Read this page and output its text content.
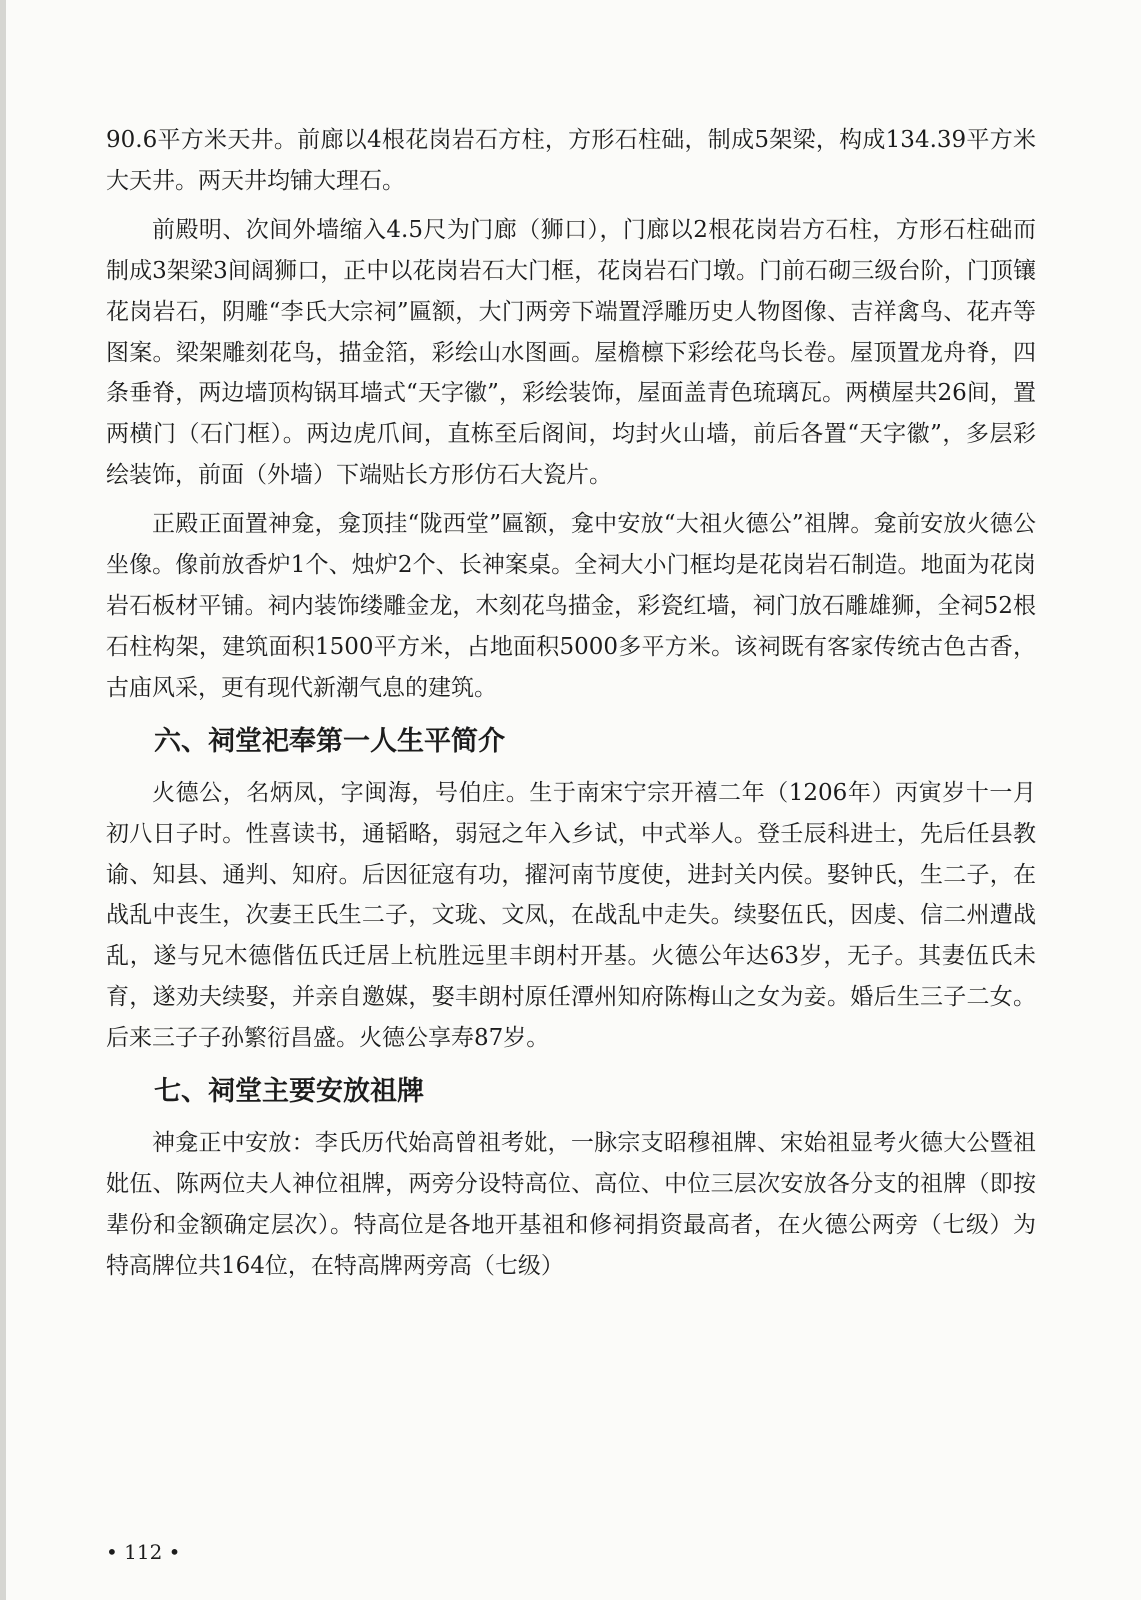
90.6平方米天井。前廊以4根花岗岩石方柱，方形石柱础，制成5架梁，构成134.39平方米大天井。两天井均铺大理石。

前殿明、次间外墙缩入4.5尺为门廊（狮口），门廊以2根花岗岩方石柱，方形石柱础而制成3架梁3间阔狮口，正中以花岗岩石大门框，花岗岩石门墩。门前石砌三级台阶，门顶镶花岗岩石，阴雕“李氏大宗祠”匾额，大门两旁下端置浮雕历史人物图像、吉祥禽鸟、花卉等图案。梁架雕刻花鸟，描金箔，彩绘山水图画。屋檐檩下彩绘花鸟长卷。屋顶置龙舟脊，四条垂脊，两边墙顶构锅耳墙式“天字徽”，彩绘装饰，屋面盖青色琉璃瓦。两横屋共26间，置两横门（石门框）。两边虎爪间，直栋至后阁间，均封火山墙，前后各置“天字徽”，多层彩绘装饰，前面（外墙）下端贴长方形仿石大瓷片。

正殿正面置神龛，龛顶挂“陇西堂”匾额，龛中安放“大祖火德公”祖牌。龛前安放火德公坐像。像前放香炉1个、烛炉2个、长神案桌。全祠大小门框均是花岗岩石制造。地面为花岗岩石板材平铺。祠内装饰缕雕金龙，木刻花鸟描金，彩瓷红墙，祠门放石雕雄狮，全祠52根石柱构架，建筑面积1500平方米，占地面积5000多平方米。该祠既有客家传统古色古香，古庙风采，更有现代新潮气息的建筑。

六、祠堂祀奉第一人生平简介

火德公，名炳凤，字闽海，号伯庄。生于南宋宁宗开禧二年（1206年）丙寅岁十一月初八日子时。性喜读书，通韬略，弱冠之年入乡试，中式举人。登壬辰科进士，先后任县教谕、知县、通判、知府。后因征寇有功，擢河南节度使，进封关内侯。娶钟氏，生二子，在战乱中丧生，次妻王氏生二子，文珑、文凤，在战乱中走失。续娶伍氏，因虔、信二州遭战乱，遂与兄木德偕伍氏迁居上杭胜远里丰朗村开基。火德公年达63岁，无子。其妻伍氏未育，遂劝夫续娶，并亲自邀媒，娶丰朗村原任潭州知府陈梅山之女为妾。婚后生三子二女。后来三子子孙繁衍昌盛。火德公享寿87岁。

七、祠堂主要安放祖牌

神龛正中安放：李氏历代始高曾祖考妣，一脉宗支昭穆祖牌、宋始祖显考火德大公暨祖妣伍、陈两位夫人神位祖牌，两旁分设特高位、高位、中位三层次安放各分支的祖牌（即按辈份和金额确定层次）。特高位是各地开基祖和修祠捐资最高者，在火德公两旁（七级）为特高牌位共164位，在特高牌两旁高（七级）

• 112 •
